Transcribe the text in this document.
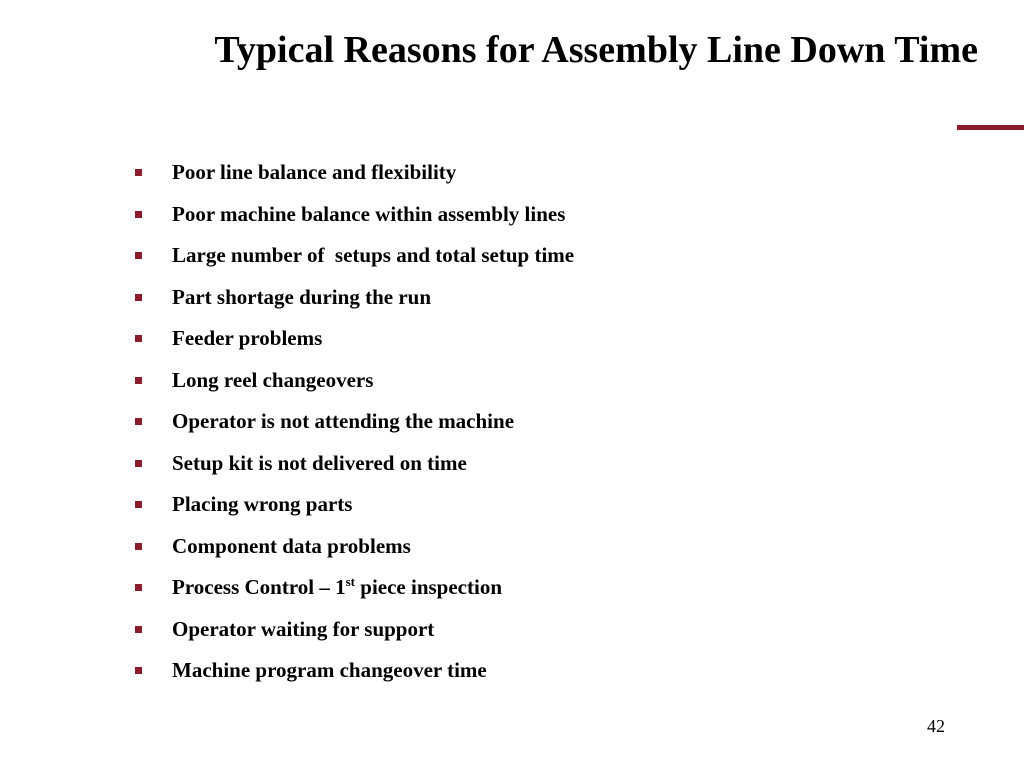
Typical Reasons for Assembly Line Down Time
Poor line balance and flexibility
Poor machine balance within assembly lines
Large number of  setups and total setup time
Part shortage during the run
Feeder problems
Long reel changeovers
Operator is not attending the machine
Setup kit is not delivered on time
Placing wrong parts
Component data problems
Process Control – 1st piece inspection
Operator waiting for support
Machine program changeover time
42
